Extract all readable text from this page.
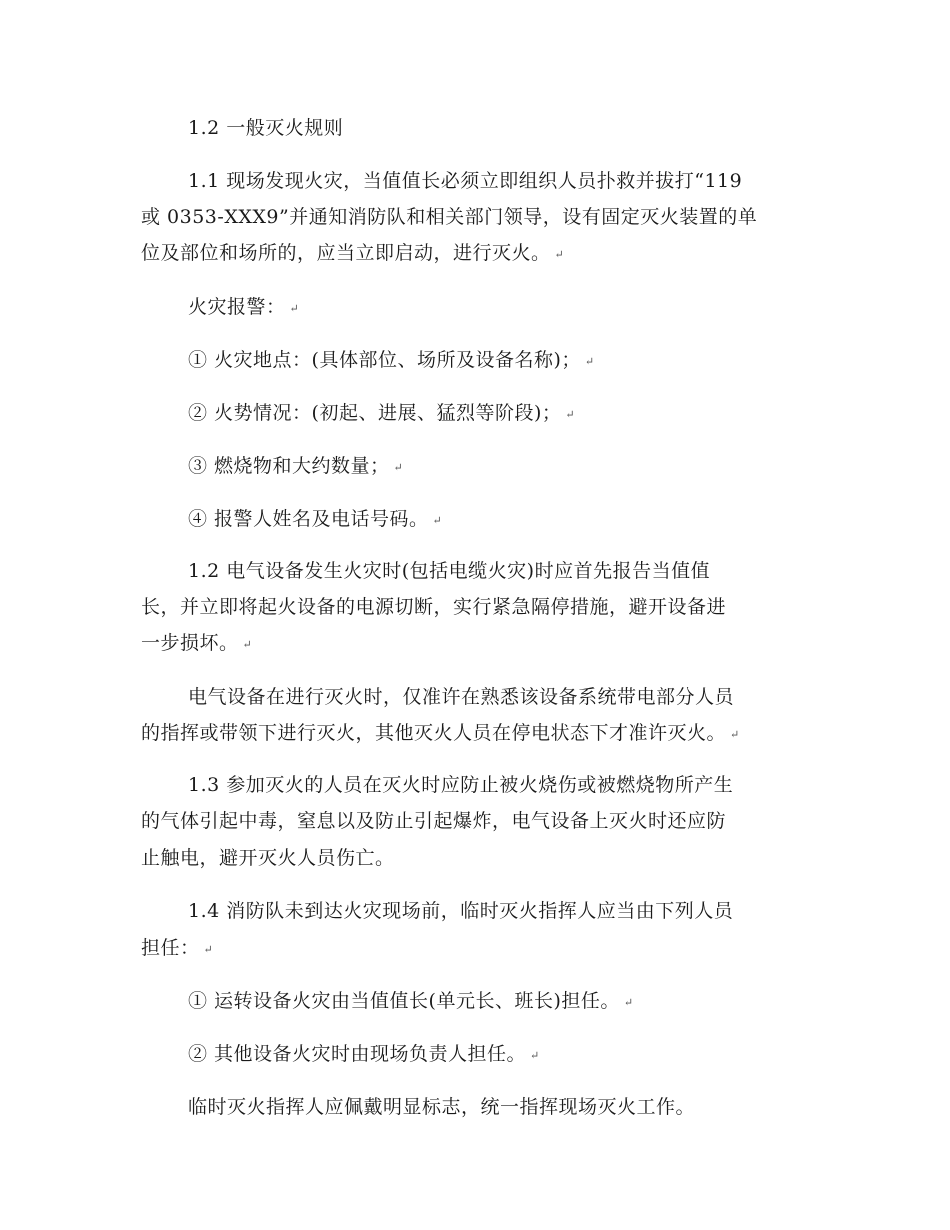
1.2 一般灭火规则
1.1 现场发现火灾，当值值长必须立即组织人员扑救并拔打“119
或 0353-XXX9”并通知消防队和相关部门领导，设有固定灭火装置的单
位及部位和场所的，应当立即启动，进行灭火。 ↵
火灾报警： ↵
① 火灾地点：(具体部位、场所及设备名称)； ↵
② 火势情况：(初起、进展、猛烈等阶段)； ↵
③ 燃烧物和大约数量； ↵
④ 报警人姓名及电话号码。 ↵
1.2 电气设备发生火灾时(包括电缆火灾)时应首先报告当值值
长，并立即将起火设备的电源切断，实行紧急隔停措施，避开设备进
一步损坏。 ↵
电气设备在进行灭火时，仅准许在熟悉该设备系统带电部分人员
的指挥或带领下进行灭火，其他灭火人员在停电状态下才准许灭火。 ↵
1.3 参加灭火的人员在灭火时应防止被火烧伤或被燃烧物所产生
的气体引起中毒，窒息以及防止引起爆炸，电气设备上灭火时还应防
止触电，避开灭火人员伤亡。
1.4 消防队未到达火灾现场前，临时灭火指挥人应当由下列人员
担任： ↵
① 运转设备火灾由当值值长(单元长、班长)担任。 ↵
② 其他设备火灾时由现场负责人担任。 ↵
临时灭火指挥人应佩戴明显标志，统一指挥现场灭火工作。
